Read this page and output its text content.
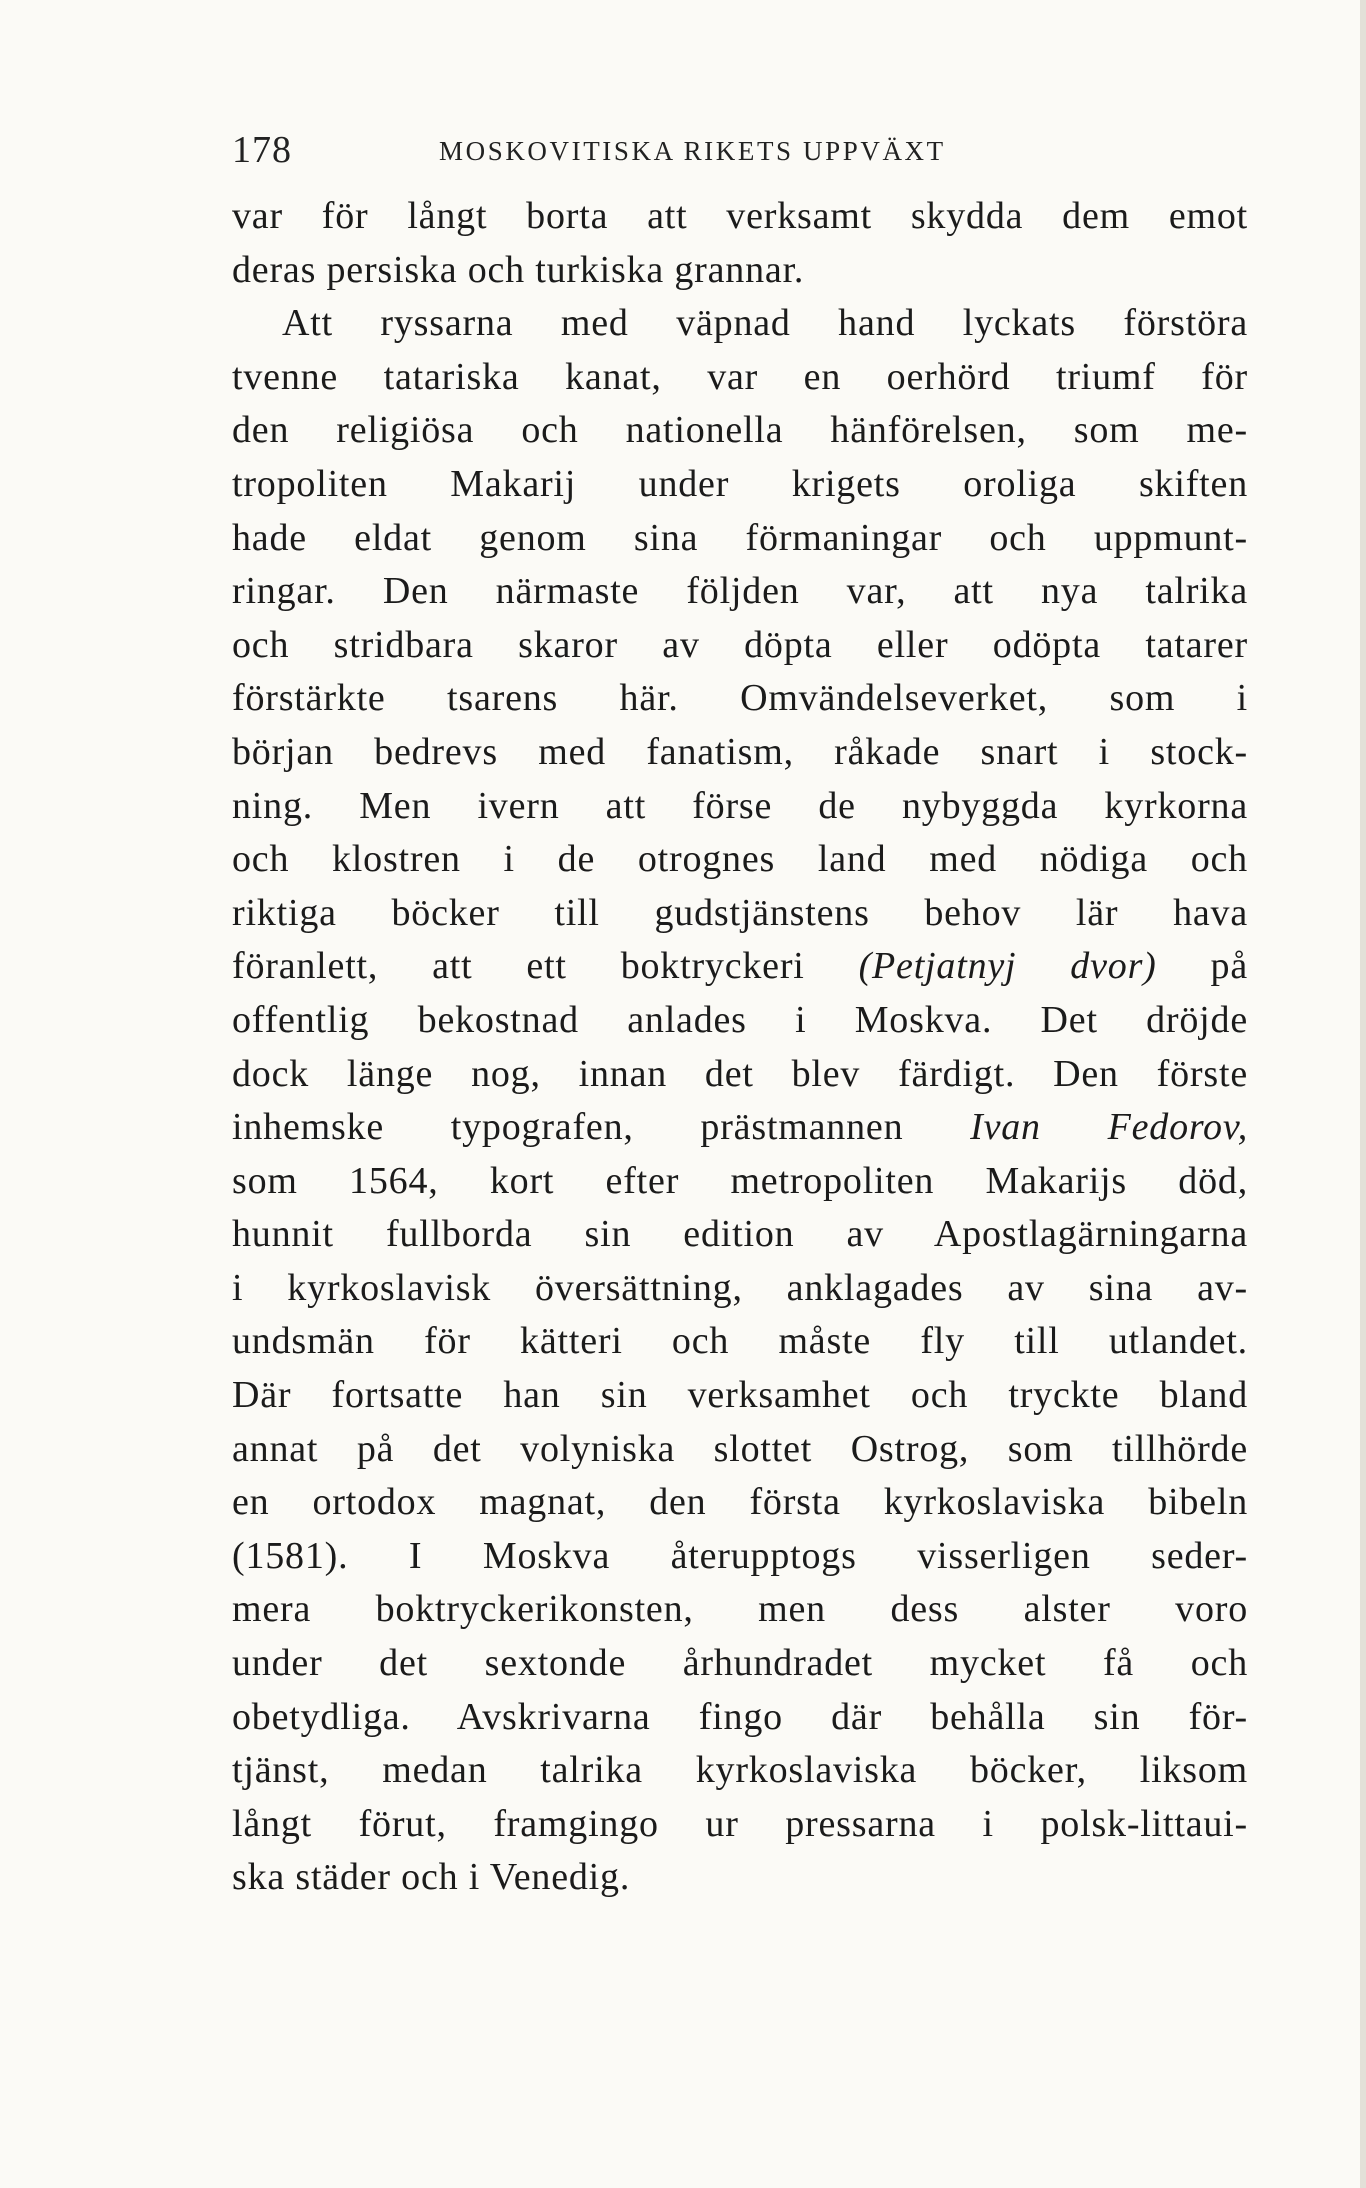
178	MOSKOVITISKA RIKETS UPPVÄXT
var för långt borta att verksamt skydda dem emot
deras persiska och turkiska grannar.
Att ryssarna med väpnad hand lyckats förstöra
tvenne tatariska kanat, var en oerhörd triumf för
den religiösa och nationella hänförelsen, som me-
tropoliten Makarij under krigets oroliga skiften
hade eldat genom sina förmaningar och uppmunt-
ringar. Den närmaste följden var, att nya talrika
och stridbara skaror av döpta eller odöpta tatarer
förstärkte tsarens här. Omvändelseverket, som i
början bedrevs med fanatism, råkade snart i stock-
ning. Men ivern att förse de nybyggda kyrkorna
och klostren i de otrognes land med nödiga och
riktiga böcker till gudstjänstens behov lär hava
föranlett, att ett boktryckeri (Petjatnyj dvor) på
offentlig bekostnad anlades i Moskva. Det dröjde
dock länge nog, innan det blev färdigt. Den förste
inhemske typografen, prästmannen Ivan Fedorov,
som 1564, kort efter metropoliten Makarijs död,
hunnit fullborda sin edition av Apostlagärningarna
i kyrkoslavisk översättning, anklagades av sina av-
undsmän för kätteri och måste fly till utlandet.
Där fortsatte han sin verksamhet och tryckte bland
annat på det volyniska slottet Ostrog, som tillhörde
en ortodox magnat, den första kyrkoslaviska bibeln
(1581). I Moskva återupptogs visserligen seder-
mera boktryckerikonsten, men dess alster voro
under det sextonde århundradet mycket få och
obetydliga. Avskrivarna fingo där behålla sin för-
tjänst, medan talrika kyrkoslaviska böcker, liksom
långt förut, framgingo ur pressarna i polsk-littaui-
ska städer och i Venedig.
